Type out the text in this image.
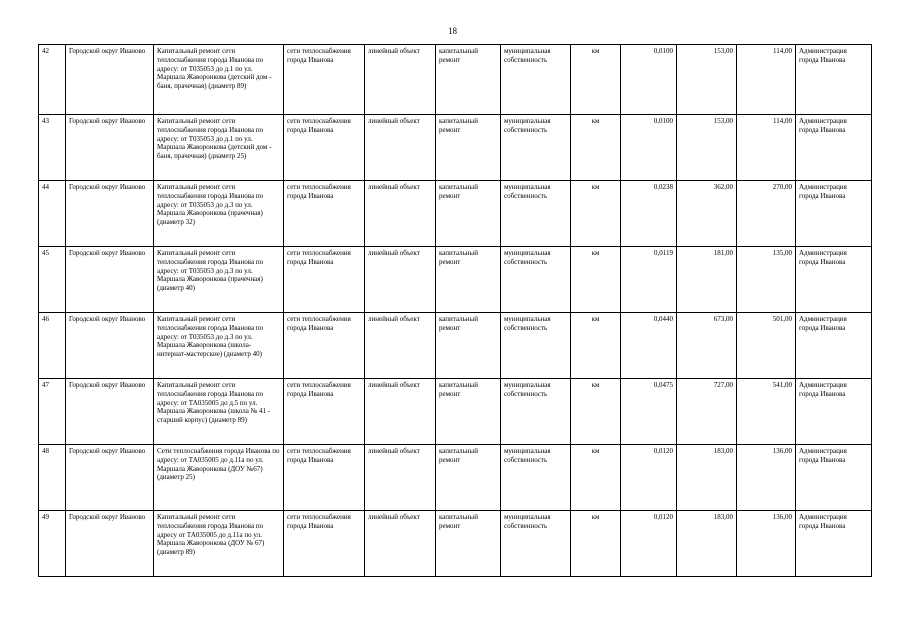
18
42	Городской округ Иваново	Капитальный ремонт сети теплоснабжения города Иванова по адресу: от Т035053 до д.1 по ул. Маршала Жаворонкова (детский дом - баня, прачечная) (диаметр 89)	сети теплоснабжения города Иванова	линейный объект	капитальный ремонт	муниципальная собственность	км	0,0100	153,00	114,00	Администрация города Иванова
43	Городской округ Иваново	Капитальный ремонт сети теплоснабжения города Иванова по адресу: от Т035053 до д.1 по ул. Маршала Жаворонкова (детский дом - баня, прачечная) (диаметр 25)	сети теплоснабжения города Иванова	линейный объект	капитальный ремонт	муниципальная собственность	км	0,0100	153,00	114,00	Администрация города Иванова
44	Городской округ Иваново	Капитальный ремонт сети теплоснабжения города Иванова по адресу: от Т035053 до д.3 по ул. Маршала Жаворонкова (прачечная) (диаметр 32)	сети теплоснабжения города Иванова	линейный объект	капитальный ремонт	муниципальная собственность	км	0,0238	362,00	270,00	Администрация города Иванова
45	Городской округ Иваново	Капитальный ремонт сети теплоснабжения города Иванова по адресу: от Т035053 до д.3 по ул. Маршала Жаворонкова (прачечная) (диаметр 40)	сети теплоснабжения города Иванова	линейный объект	капитальный ремонт	муниципальная собственность	км	0,0119	181,00	135,00	Администрация города Иванова
46	Городской округ Иваново	Капитальный ремонт сети теплоснабжения города Иванова по адресу: от Т035053 до д.3 по ул. Маршала Жаворонкова (школа-интернат-мастерские) (диаметр 40)	сети теплоснабжения города Иванова	линейный объект	капитальный ремонт	муниципальная собственность	км	0,0440	673,00	501,00	Администрация города Иванова
47	Городской округ Иваново	Капитальный ремонт сети теплоснабжения города Иванова по адресу: от ТА035005 до д.5 по ул. Маршала Жаворонкова (школа № 41 - старший корпус) (диаметр 89)	сети теплоснабжения города Иванова	линейный объект	капитальный ремонт	муниципальная собственность	км	0,0475	727,00	541,00	Администрация города Иванова
48	Городской округ Иваново	Сети теплоснабжения города Иванова по адресу: от ТА035005 до д.11а по ул. Маршала Жаворонкова (ДОУ №67) (диаметр 25)	сети теплоснабжения города Иванова	линейный объект	капитальный ремонт	муниципальная собственность	км	0,0120	183,00	136,00	Администрация города Иванова
49	Городской округ Иваново	Капитальный ремонт сети теплоснабжения города Иванова по адресу от ТА035005 до д.11а по ул. Маршала Жаворонкова (ДОУ № 67) (диаметр 89)	сети теплоснабжения города Иванова	линейный объект	капитальный ремонт	муниципальная собственность	км	0,0120	183,00	136,00	Администрация города Иванова
